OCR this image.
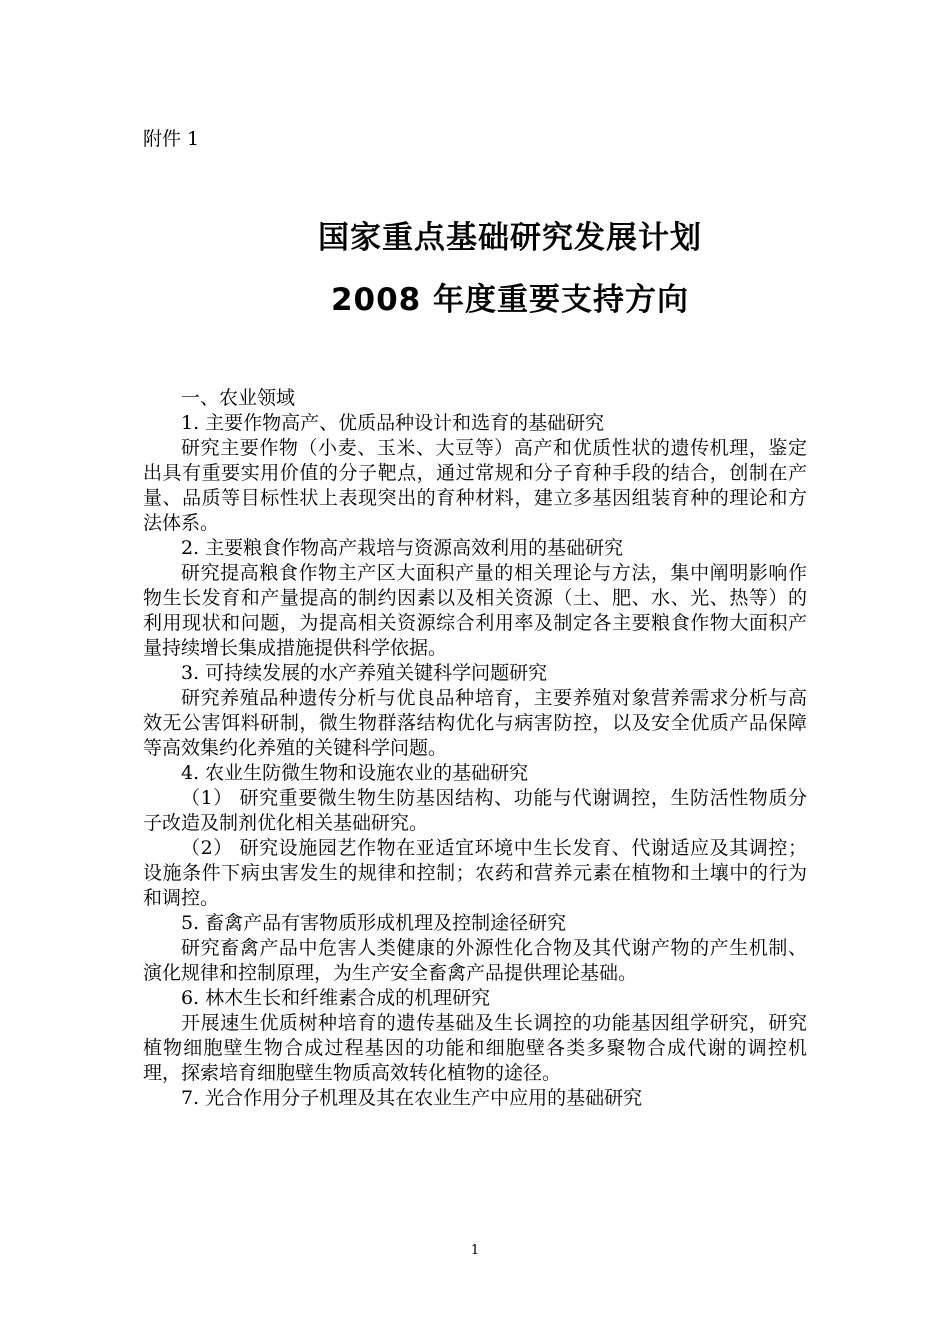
附件 1
国家重点基础研究发展计划
2008 年度重要支持方向

一、农业领域

1. 主要作物高产、优质品种设计和选育的基础研究

研究主要作物（小麦、玉米、大豆等）高产和优质性状的遗传机理，鉴定出具有重要实用价值的分子靶点，通过常规和分子育种手段的结合，创制在产量、品质等目标性状上表现突出的育种材料，建立多基因组装育种的理论和方法体系。

2. 主要粮食作物高产栽培与资源高效利用的基础研究

研究提高粮食作物主产区大面积产量的相关理论与方法，集中阐明影响作物生长发育和产量提高的制约因素以及相关资源（土、肥、水、光、热等）的利用现状和问题，为提高相关资源综合利用率及制定各主要粮食作物大面积产量持续增长集成措施提供科学依据。

3. 可持续发展的水产养殖关键科学问题研究

研究养殖品种遗传分析与优良品种培育，主要养殖对象营养需求分析与高效无公害饵料研制，微生物群落结构优化与病害防控，以及安全优质产品保障等高效集约化养殖的关键科学问题。

4. 农业生防微生物和设施农业的基础研究

（1） 研究重要微生物生防基因结构、功能与代谢调控，生防活性物质分子改造及制剂优化相关基础研究。

（2） 研究设施园艺作物在亚适宜环境中生长发育、代谢适应及其调控；设施条件下病虫害发生的规律和控制；农药和营养元素在植物和土壤中的行为和调控。

5. 畜禽产品有害物质形成机理及控制途径研究

研究畜禽产品中危害人类健康的外源性化合物及其代谢产物的产生机制、演化规律和控制原理，为生产安全畜禽产品提供理论基础。

6. 林木生长和纤维素合成的机理研究

开展速生优质树种培育的遗传基础及生长调控的功能基因组学研究，研究植物细胞壁生物合成过程基因的功能和细胞壁各类多聚物合成代谢的调控机理，探索培育细胞壁生物质高效转化植物的途径。

7. 光合作用分子机理及其在农业生产中应用的基础研究

1
